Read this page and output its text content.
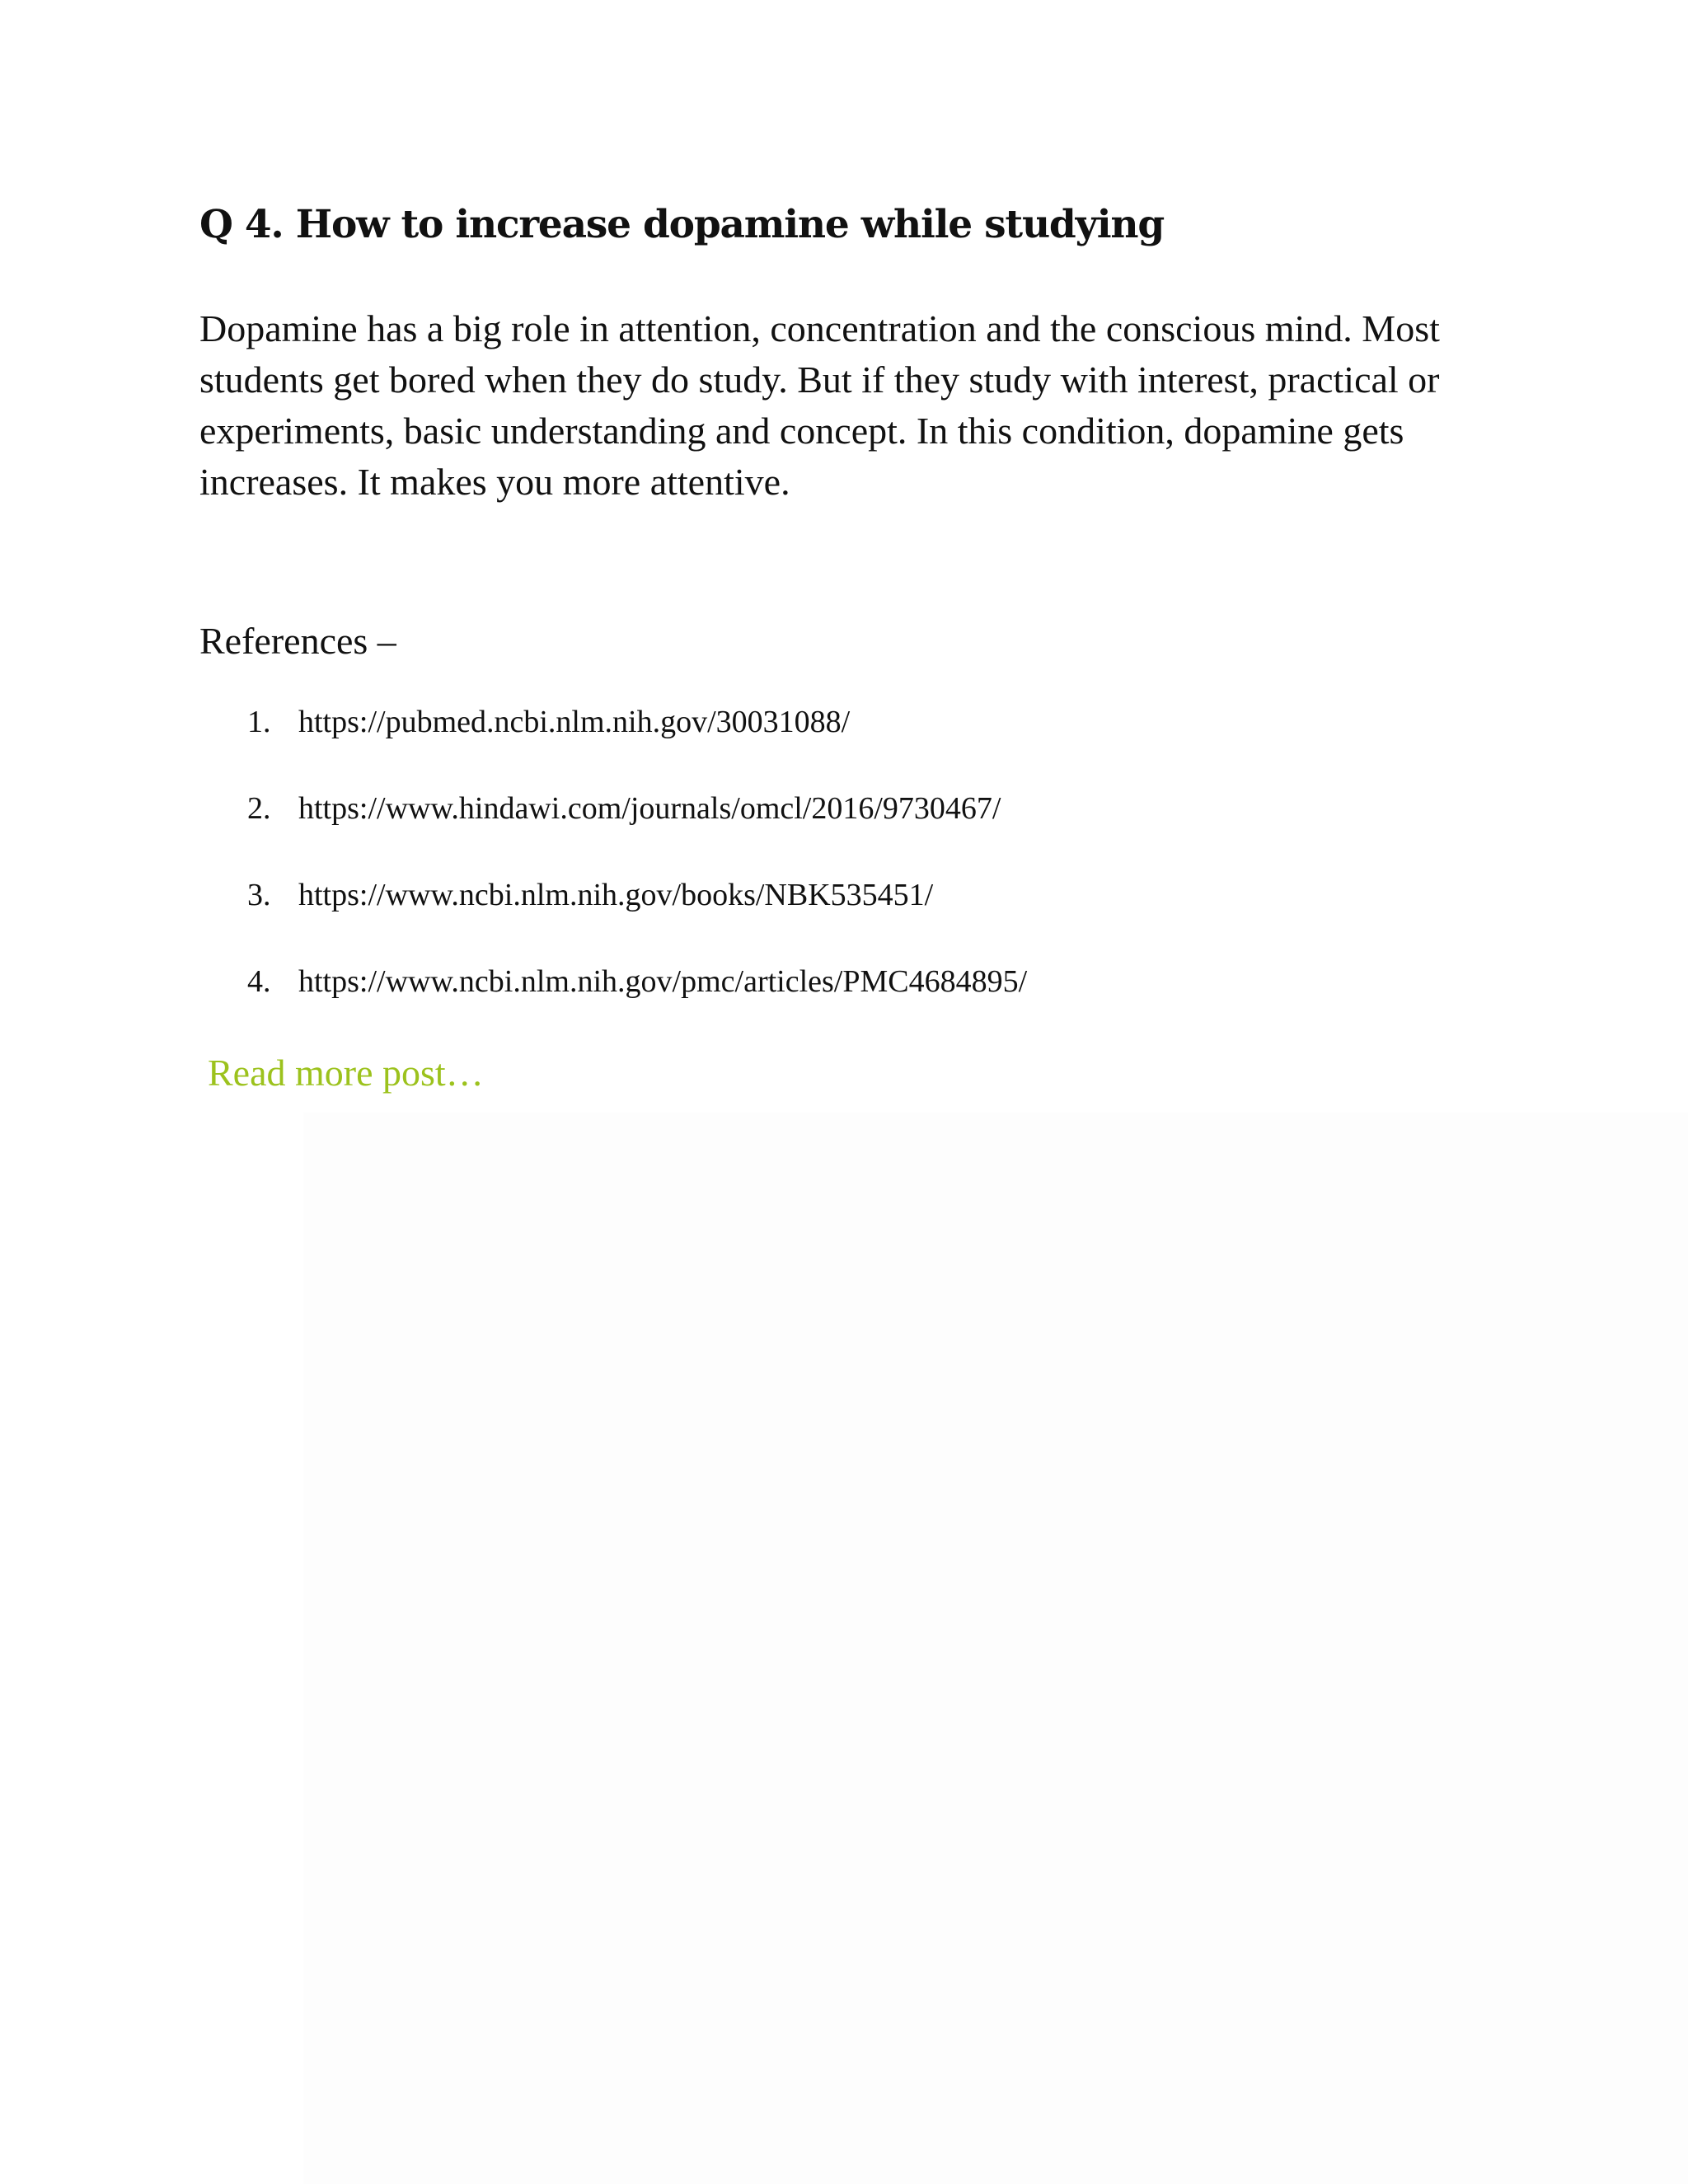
Q 4. How to increase dopamine while studying

Dopamine has a big role in attention, concentration and the conscious mind. Most students get bored when they do study. But if they study with interest, practical or experiments, basic understanding and concept. In this condition, dopamine gets increases. It makes you more attentive.

References –

1. https://pubmed.ncbi.nlm.nih.gov/30031088/
2. https://www.hindawi.com/journals/omcl/2016/9730467/
3. https://www.ncbi.nlm.nih.gov/books/NBK535451/
4. https://www.ncbi.nlm.nih.gov/pmc/articles/PMC4684895/
Read more post…
